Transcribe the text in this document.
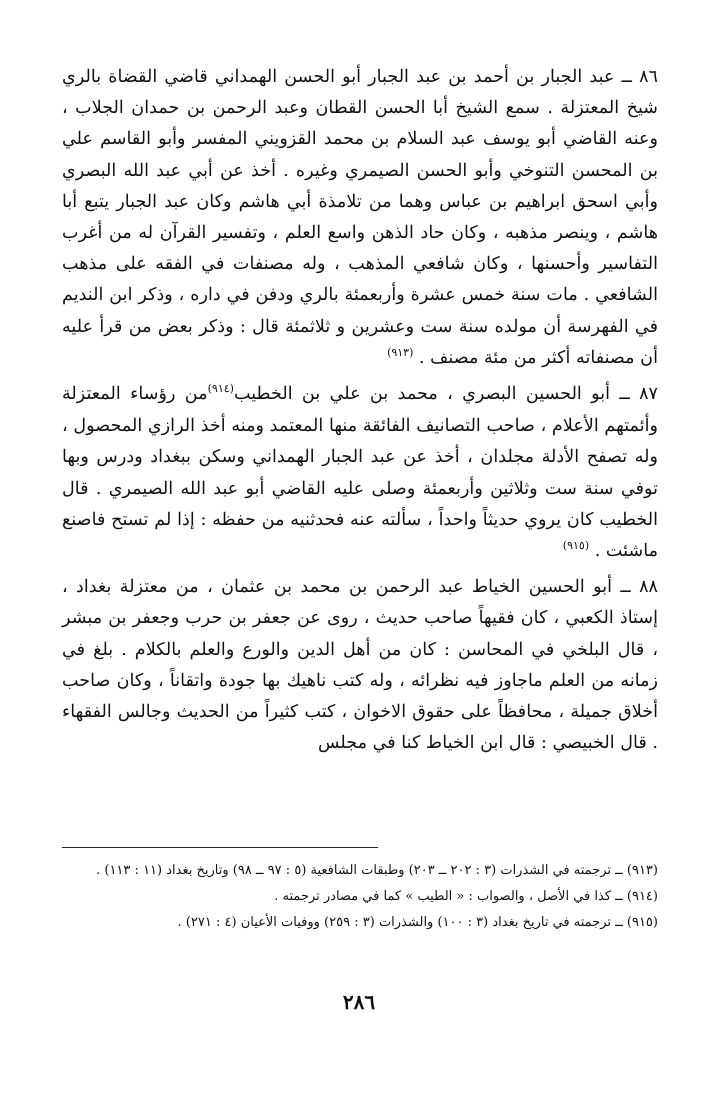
٨٦ ــ عبد الجبار بن أحمد بن عبد الجبار أبو الحسن الهمداني قاضي القضاة بالري شيخ المعتزلة . سمع الشيخ أبا الحسن القطان وعبد الرحمن بن حمدان الجلاب ، وعنه القاضي أبو يوسف عبد السلام بن محمد القزويني المفسر وأبو القاسم علي بن المحسن التنوخي وأبو الحسن الصيمري وغيره . أخذ عن أبي عبد الله البصري وأبي اسحق ابراهيم بن عباس وهما من تلامذة أبي هاشم وكان عبد الجبار يتبع أبا هاشم ، وينصر مذهبه ، وكان حاد الذهن واسع العلم ، وتفسير القرآن له من أغرب التفاسير وأحسنها ، وكان شافعي المذهب ، وله مصنفات في الفقه على مذهب الشافعي . مات سنة خمس عشرة وأربعمئة بالري ودفن في داره ، وذكر ابن النديم في الفهرسة أن مولده سنة ست وعشرين و ثلاثمئة قال : وذكر بعض من قرأ عليه أن مصنفاته أكثر من مئة مصنف . $^{(٩١٣)}$

٨٧ ــ أبو الحسين البصري ، محمد بن علي بن الخطيب$^{(٩١٤)}$من رؤساء المعتزلة وأئمتهم الأعلام ، صاحب التصانيف الفائقة منها المعتمد ومنه أخذ الرازي المحصول ، وله تصفح الأدلة مجلدان ، أخذ عن عبد الجبار الهمداني وسكن ببغداد ودرس وبها توفي سنة ست وثلاثين وأربعمئة وصلى عليه القاضي أبو عبد الله الصيمري . قال الخطيب كان يروي حديثاً واحداً ، سألته عنه فحدثنيه من حفظه : إذا لم تستح فاصنع ماشئت . $^{(٩١٥)}$

٨٨ ــ أبو الحسين الخياط عبد الرحمن بن محمد بن عثمان ، من معتزلة بغداد ، إستاذ الكعبي ، كان فقيهاً صاحب حديث ، روى عن جعفر بن حرب وجعفر بن مبشر ، قال البلخي في المحاسن : كان من أهل الدين والورع والعلم بالكلام . بلغ في زمانه من العلم ماجاوز فيه نظرائه ، وله كتب ناهيك بها جودة واتقاناً ، وكان صاحب أخلاق جميلة ، محافظاً على حقوق الاخوان ، كتب كثيراً من الحديث وجالس الفقهاء . قال الخبيصي : قال ابن الخياط كنا في مجلس

(٩١٣) ــ ترجمته في الشذرات (٣ : ٢٠٢ ــ ٢٠٣) وطبقات الشافعية (٥ : ٩٧ ــ ٩٨) وتاريخ بغداد (١١ : ١١٣) .

(٩١٤) ــ كذا في الأصل ، والصواب : « الطيب » كما في مصادر ترجمته .

(٩١٥) ــ ترجمته في تاريخ بغداد (٣ : ١٠٠) والشذرات (٣ : ٢٥٩) ووفيات الأعيان (٤ : ٢٧١) .

٢٨٦
